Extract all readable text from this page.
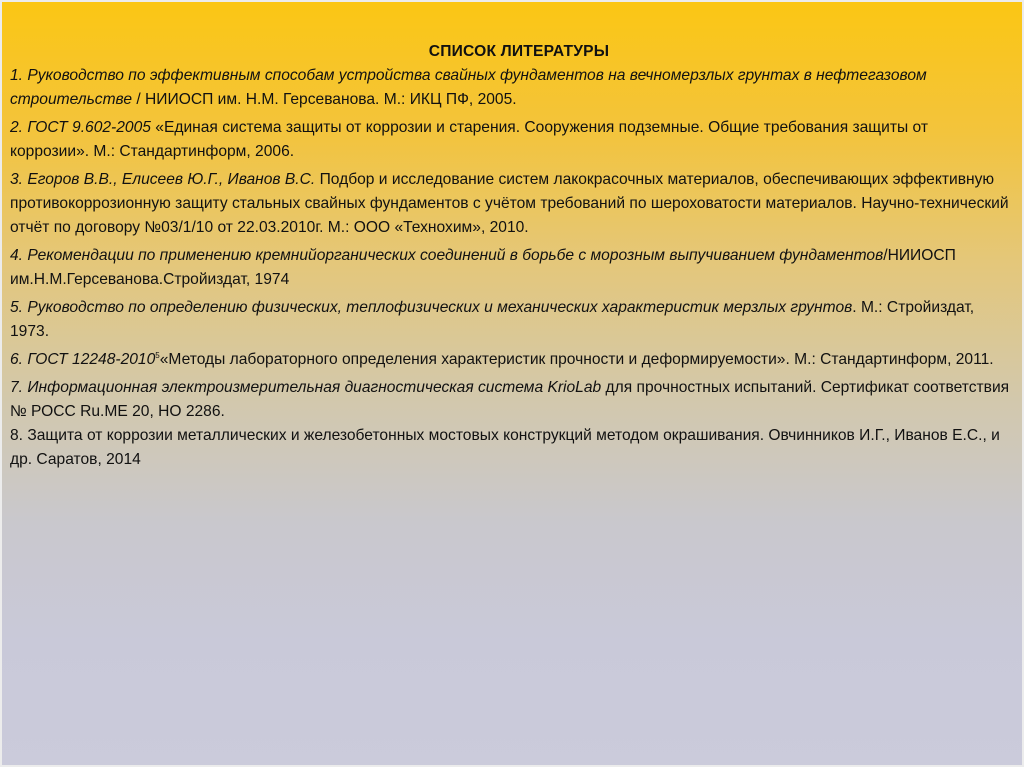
СПИСОК ЛИТЕРАТУРЫ

1. Руководство по эффективным способам устройства свайных фундаментов на вечномерзлых грунтах в нефтегазовом строительстве / НИИОСП им. Н.М. Герсеванова. М.: ИКЦ ПФ, 2005.

2. ГОСТ 9.602-2005 «Единая система защиты от коррозии и старения. Сооружения подземные. Общие требования защиты от коррозии». М.: Стандартинформ, 2006.

3. Егоров В.В., Елисеев Ю.Г., Иванов В.С. Подбор и исследование систем лакокрасочных материалов, обеспечивающих эффективную противокоррозионную защиту стальных свайных фундаментов с учётом требований по шероховатости материалов. Научно-технический отчёт по договору №03/1/10 от 22.03.2010г. М.: ООО «Технохим», 2010.

4. Рекомендации по применению кремнийорганических соединений в борьбе с морозным выпучиванием фундаментов/НИИОСП им.Н.М.Герсеванова.Стройиздат, 1974

5. Руководство по определению физических, теплофизических и механических характеристик мерзлых грунтов. М.: Стройиздат, 1973.

6. ГОСТ 12248-2010$^5$«Методы лабораторного определения характеристик прочности и деформируемости». М.: Стандартинформ, 2011.

7. Информационная электроизмерительная диагностическая система KrioLab для прочностных испытаний. Сертификат соответствия № РОСС Ru.МЕ 20, НО 2286.

8. Защита от коррозии металлических и железобетонных мостовых конструкций методом окрашивания. Овчинников И.Г., Иванов Е.С., и др. Саратов, 2014
